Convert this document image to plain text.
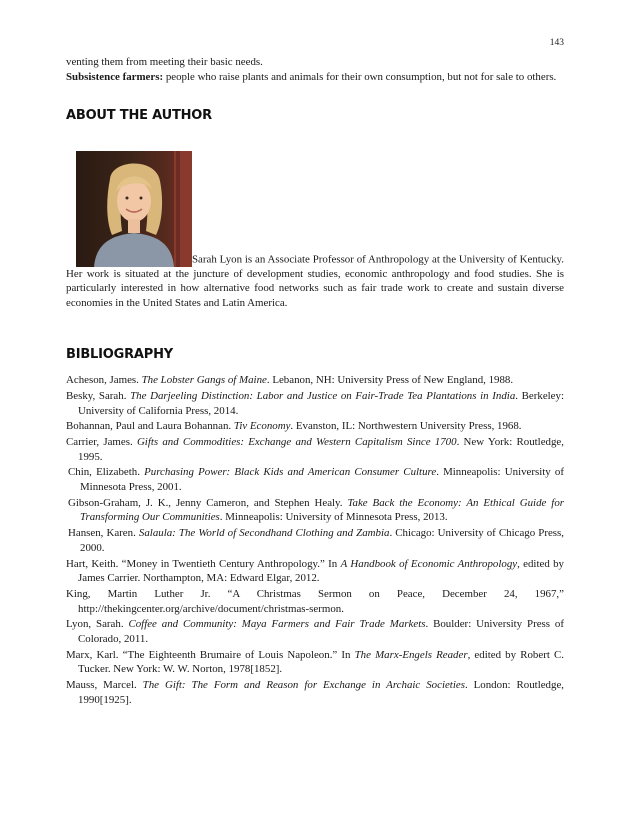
143

venting them from meeting their basic needs.

Subsistence farmers: people who raise plants and animals for their own consumption, but not for sale to others.

ABOUT THE AUTHOR

Sarah Lyon is an Associate Professor of Anthropology at the University of Kentucky. Her work is situated at the juncture of development studies, economic anthropology and food studies. She is particularly interested in how alternative food networks such as fair trade work to create and sustain diverse economies in the United States and Latin America.

BIBLIOGRAPHY

Acheson, James. The Lobster Gangs of Maine. Lebanon, NH: University Press of New England, 1988.

Besky, Sarah. The Darjeeling Distinction: Labor and Justice on Fair-Trade Tea Plantations in India. Berkeley: University of California Press, 2014.

Bohannan, Paul and Laura Bohannan. Tiv Economy. Evanston, IL: Northwestern University Press, 1968.

Carrier, James. Gifts and Commodities: Exchange and Western Capitalism Since 1700. New York: Routledge, 1995.

Chin, Elizabeth. Purchasing Power: Black Kids and American Consumer Culture. Minneapolis: University of Minnesota Press, 2001.

Gibson-Graham, J. K., Jenny Cameron, and Stephen Healy. Take Back the Economy: An Ethical Guide for Transforming Our Communities. Minneapolis: University of Minnesota Press, 2013.

Hansen, Karen. Salaula: The World of Secondhand Clothing and Zambia. Chicago: University of Chicago Press, 2000.

Hart, Keith. “Money in Twentieth Century Anthropology.” In A Handbook of Economic Anthropology, edited by James Carrier. Northampton, MA: Edward Elgar, 2012.

King, Martin Luther Jr. “A Christmas Sermon on Peace, December 24, 1967,” http://thekingcenter.org/archive/document/christmas-sermon.

Lyon, Sarah. Coffee and Community: Maya Farmers and Fair Trade Markets. Boulder: University Press of Colorado, 2011.

Marx, Karl. “The Eighteenth Brumaire of Louis Napoleon.” In The Marx-Engels Reader, edited by Robert C. Tucker. New York: W. W. Norton, 1978[1852].

Mauss, Marcel. The Gift: The Form and Reason for Exchange in Archaic Societies. London: Routledge, 1990[1925].
